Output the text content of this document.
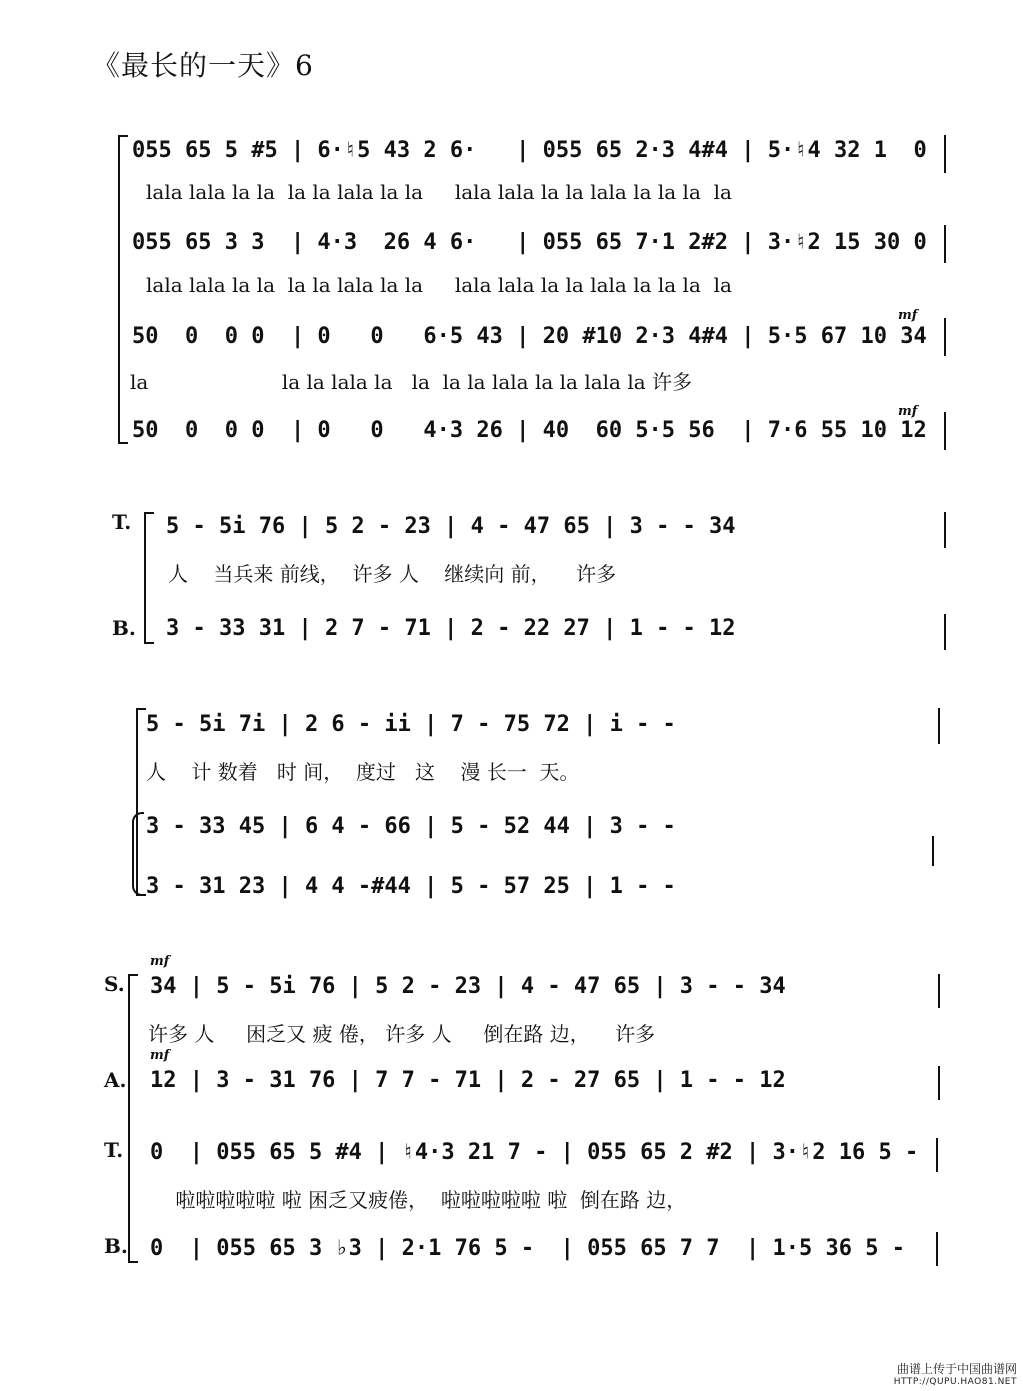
《最长的一天》6
055 65 5 #5 | 6·♮5 43 2 6·   | 055 65 2·3 4#4 | 5·♮4 32 1  0
lala lala la la  la la lala la la     lala lala la la lala la la la  la
055 65 3 3  | 4·3  26 4 6·   | 055 65 7·1 2#2 | 3·♮2 15 30 0
lala lala la la  la la lala la la     lala lala la la lala la la la  la
mf
50  0  0 0  | 0   0   6·5 43 | 20 #10 2·3 4#4 | 5·5 67 10 34
la                     la la lala la   la  la la lala la la lala la 许多
mf
50  0  0 0  | 0   0   4·3 26 | 40  60 5·5 56  | 7·6 55 10 12
T.
B.
5 - 5i 76 | 5 2 - 23 | 4 - 47 65 | 3 - - 34
人    当兵来 前线，  许多 人    继续向 前，    许多
3 - 33 31 | 2 7 - 71 | 2 - 22 27 | 1 - - 12
5 - 5i 7i | 2 6 - ii | 7 - 75 72 | i - -
人    计 数着   时 间，  度过   这    漫 长一  天。
3 - 33 45 | 6 4 - 66 | 5 - 52 44 | 3 - -
3 - 31 23 | 4 4 -#44 | 5 - 57 25 | 1 - -
S.
A.
T.
B.
mf
34 | 5 - 5i 76 | 5 2 - 23 | 4 - 47 65 | 3 - - 34
许多 人     困乏又 疲 倦， 许多 人     倒在路 边，    许多
mf
12 | 3 - 31 76 | 7 7 - 71 | 2 - 27 65 | 1 - - 12
0  | 055 65 5 #4 | ♮4·3 21 7 - | 055 65 2 #2 | 3·♮2 16 5 -
啦啦啦啦啦 啦 困乏又疲倦，  啦啦啦啦啦 啦  倒在路 边，
0  | 055 65 3 ♭3 | 2·1 76 5 -  | 055 65 7 7  | 1·5 36 5 -
曲谱上传于中国曲谱网
HTTP://QUPU.HAO81.NET
